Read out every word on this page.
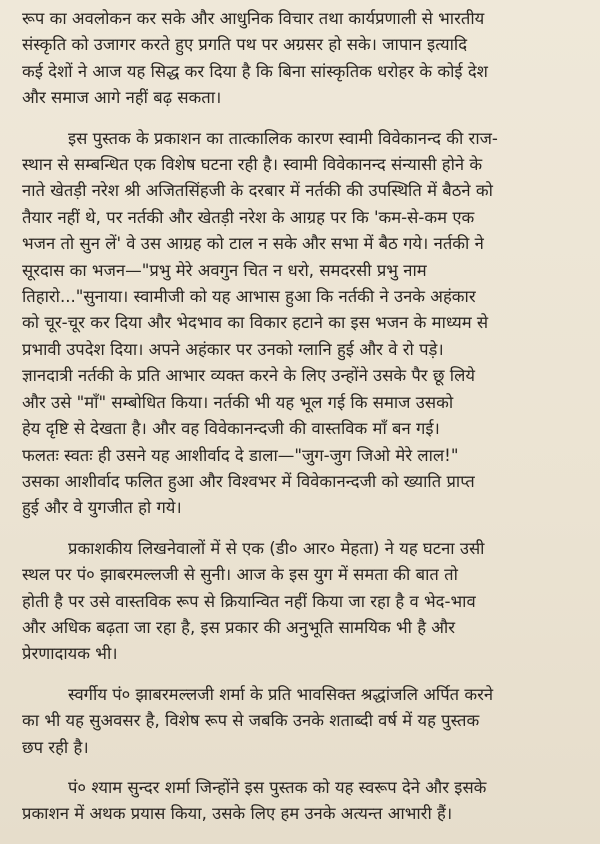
रूप का अवलोकन कर सके और आधुनिक विचार तथा कार्यप्रणाली से भारतीय
संस्कृति को उजागर करते हुए प्रगति पथ पर अग्रसर हो सके। जापान इत्यादि
कई देशों ने आज यह सिद्ध कर दिया है कि बिना सांस्कृतिक धरोहर के कोई देश
और समाज आगे नहीं बढ़ सकता।

इस पुस्तक के प्रकाशन का तात्कालिक कारण स्वामी विवेकानन्द की राज-
स्थान से सम्बन्धित एक विशेष घटना रही है। स्वामी विवेकानन्द संन्यासी होने के
नाते खेतड़ी नरेश श्री अजितसिंहजी के दरबार में नर्तकी की उपस्थिति में बैठने को
तैयार नहीं थे, पर नर्तकी और खेतड़ी नरेश के आग्रह पर कि 'कम-से-कम एक
भजन तो सुन लें' वे उस आग्रह को टाल न सके और सभा में बैठ गये। नर्तकी ने
सूरदास का भजन—"प्रभु मेरे अवगुन चित न धरो, समदरसी प्रभु नाम
तिहारो..."सुनाया। स्वामीजी को यह आभास हुआ कि नर्तकी ने उनके अहंकार
को चूर-चूर कर दिया और भेदभाव का विकार हटाने का इस भजन के माध्यम से
प्रभावी उपदेश दिया। अपने अहंकार पर उनको ग्लानि हुई और वे रो पड़े।
ज्ञानदात्री नर्तकी के प्रति आभार व्यक्त करने के लिए उन्होंने उसके पैर छू लिये
और उसे "माँ" सम्बोधित किया। नर्तकी भी यह भूल गई कि समाज उसको
हेय दृष्टि से देखता है। और वह विवेकानन्दजी की वास्तविक माँ बन गई।
फलतः स्वतः ही उसने यह आशीर्वाद दे डाला—"जुग-जुग जिओ मेरे लाल!"
उसका आशीर्वाद फलित हुआ और विश्वभर में विवेकानन्दजी को ख्याति प्राप्त
हुई और वे युगजीत हो गये।

प्रकाशकीय लिखनेवालों में से एक (डी० आर० मेहता) ने यह घटना उसी
स्थल पर पं० झाबरमल्लजी से सुनी। आज के इस युग में समता की बात तो
होती है पर उसे वास्तविक रूप से क्रियान्वित नहीं किया जा रहा है व भेद-भाव
और अधिक बढ़ता जा रहा है, इस प्रकार की अनुभूति सामयिक भी है और
प्रेरणादायक भी।

स्वर्गीय पं० झाबरमल्लजी शर्मा के प्रति भावसिक्त श्रद्धांजलि अर्पित करने
का भी यह सुअवसर है, विशेष रूप से जबकि उनके शताब्दी वर्ष में यह पुस्तक
छप रही है।

पं० श्याम सुन्दर शर्मा जिन्होंने इस पुस्तक को यह स्वरूप देने और इसके
प्रकाशन में अथक प्रयास किया, उसके लिए हम उनके अत्यन्त आभारी हैं।
